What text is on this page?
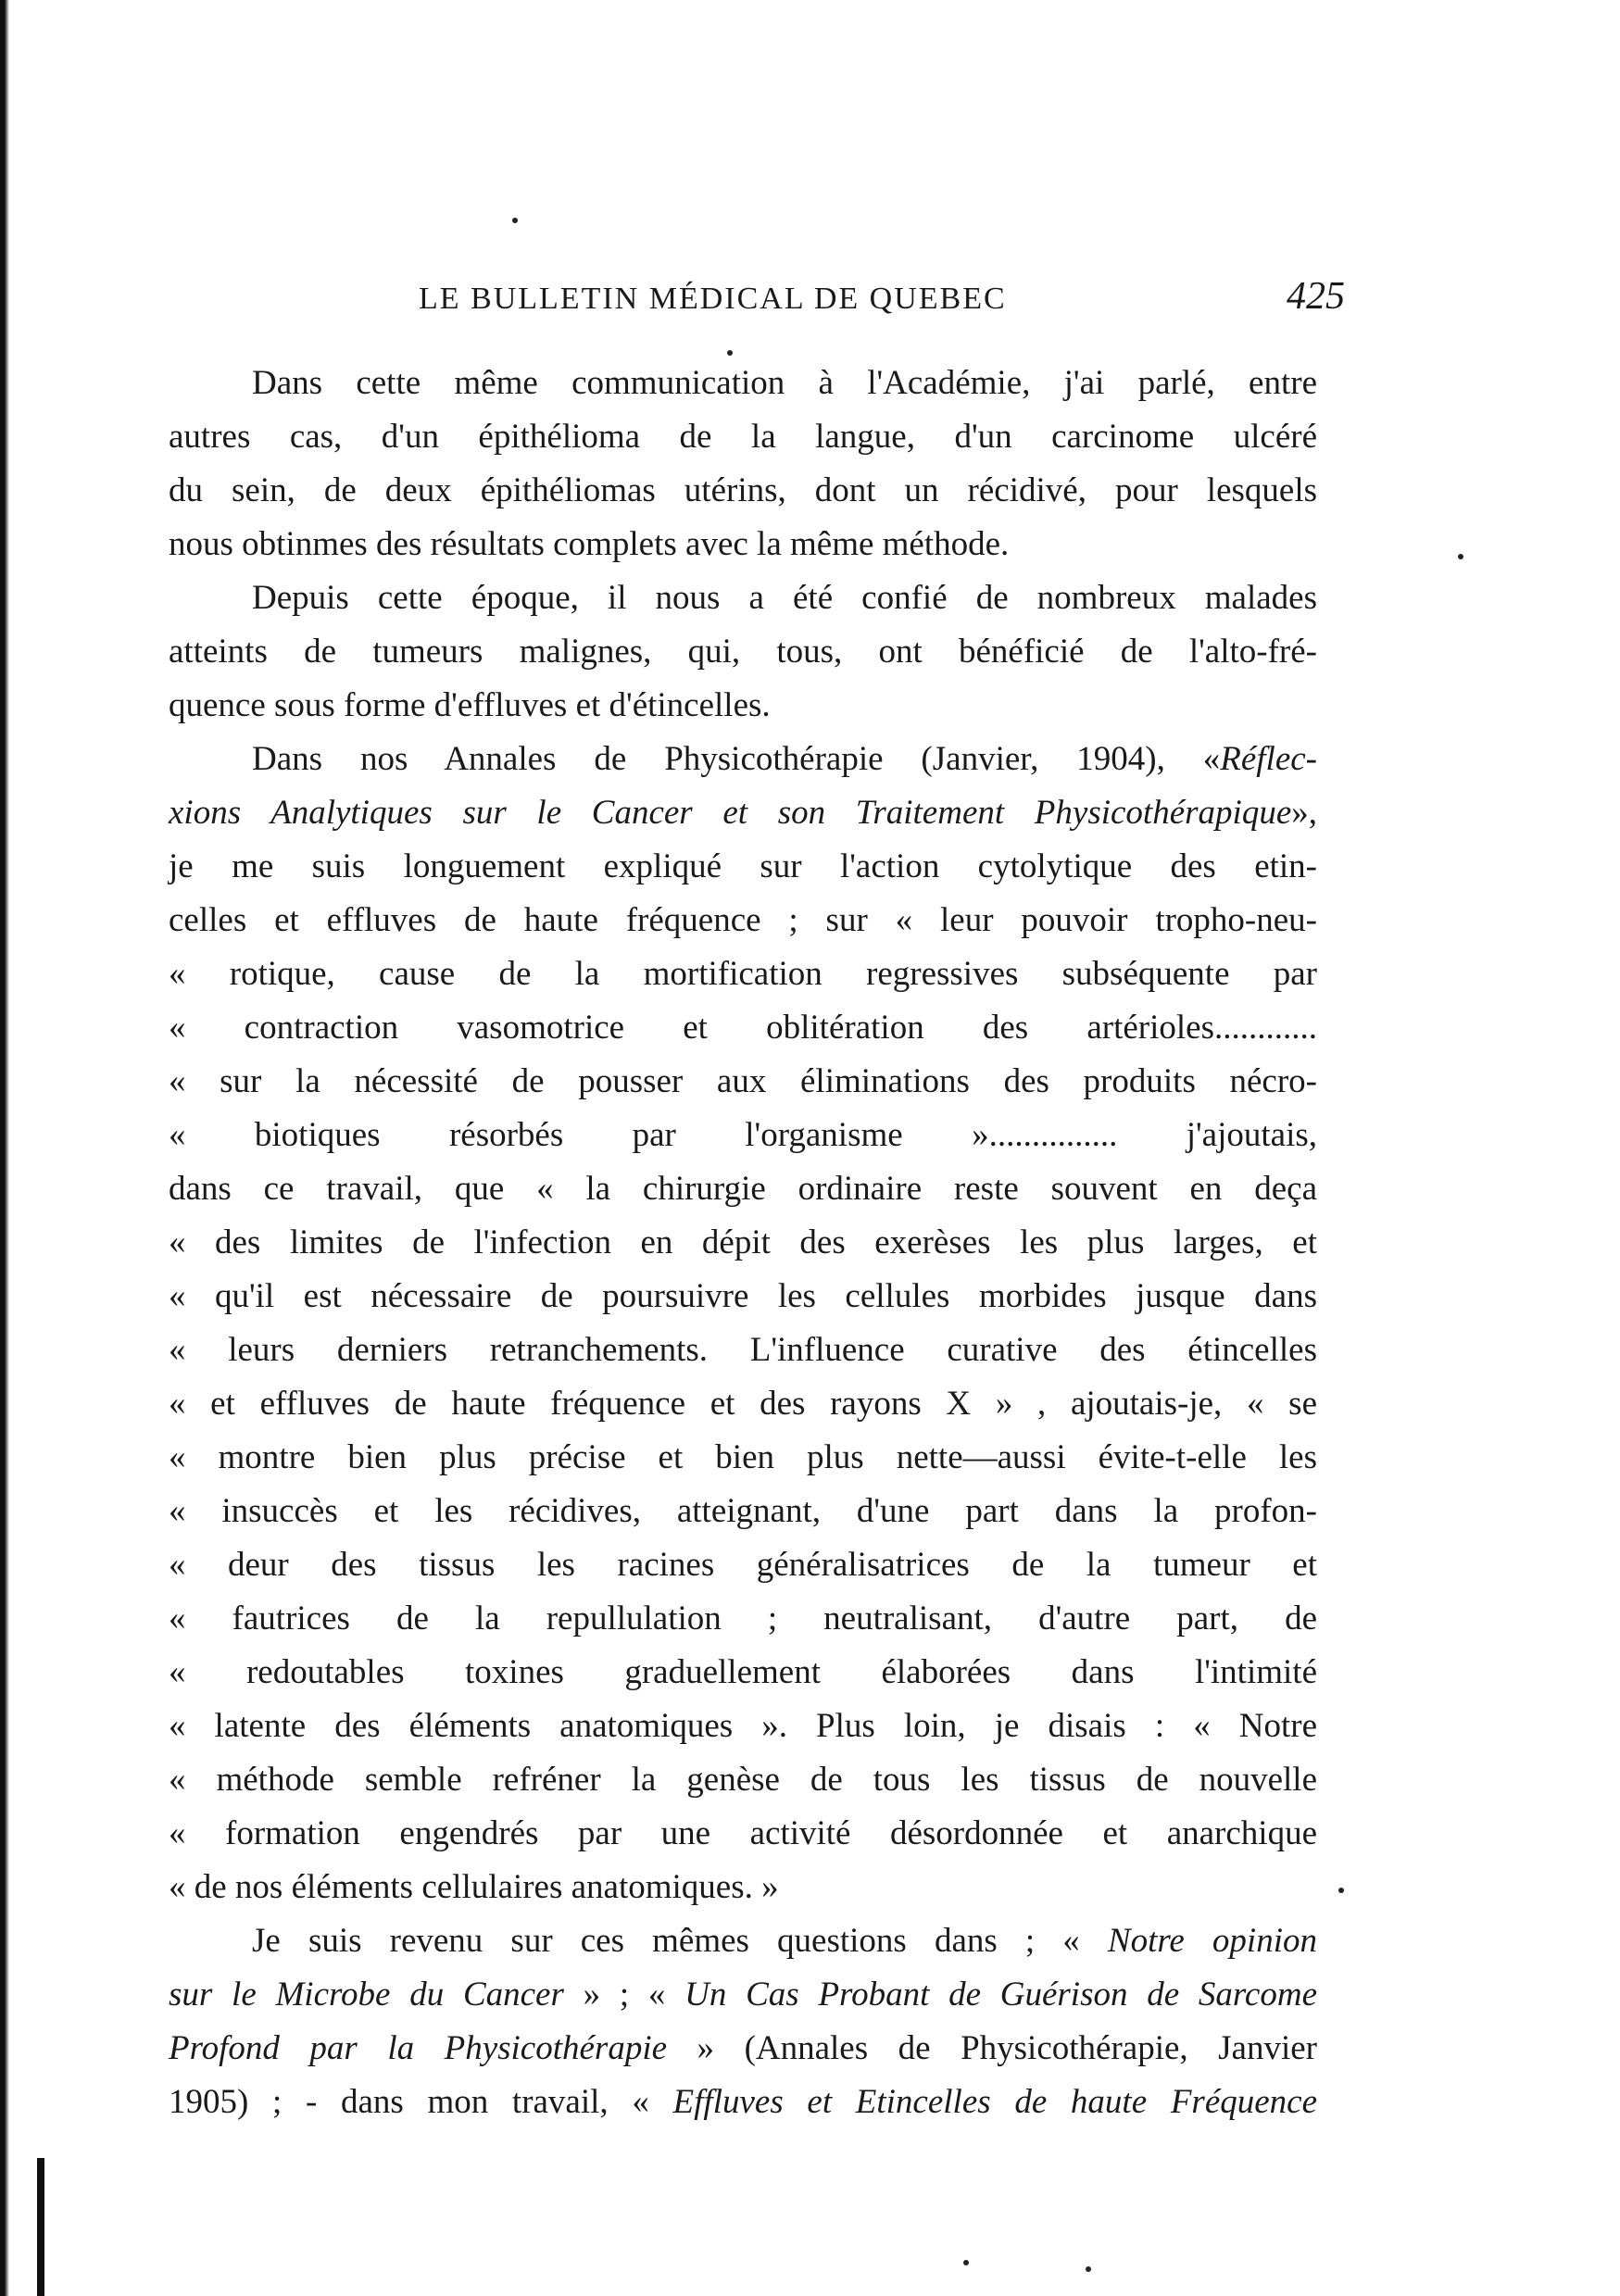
LE BULLETIN MÉDICAL DE QUEBEC	425
Dans cette même communication à l'Académie, j'ai parlé, entre
autres cas, d'un épithélioma de la langue, d'un carcinome ulcéré
du sein, de deux épithéliomas utérins, dont un récidivé, pour lesquels
nous obtinmes des résultats complets avec la même méthode.
Depuis cette époque, il nous a été confié de nombreux malades
atteints de tumeurs malignes, qui, tous, ont bénéficié de l'alto-fré-
quence sous forme d'effluves et d'étincelles.
Dans nos Annales de Physicothérapie (Janvier, 1904), «Réflec-
xions Analytiques sur le Cancer et son Traitement Physicothérapique»,
je me suis longuement expliqué sur l'action cytolytique des etin-
celles et effluves de haute fréquence ; sur « leur pouvoir tropho-neu-
« rotique, cause de la mortification regressives subséquente par
« contraction vasomotrice et oblitération des artérioles............
« sur la nécessité de pousser aux éliminations des produits nécro-
« biotiques résorbés par l'organisme »............... j'ajoutais,
dans ce travail, que « la chirurgie ordinaire reste souvent en deça
« des limites de l'infection en dépit des exerèses les plus larges, et
« qu'il est nécessaire de poursuivre les cellules morbides jusque dans
« leurs derniers retranchements. L'influence curative des étincelles
« et effluves de haute fréquence et des rayons X » , ajoutais-je, « se
« montre bien plus précise et bien plus nette—aussi évite-t-elle les
« insuccès et les récidives, atteignant, d'une part dans la profon-
« deur des tissus les racines généralisatrices de la tumeur et
« fautrices de la repullulation ; neutralisant, d'autre part, de
« redoutables toxines graduellement élaborées dans l'intimité
« latente des éléments anatomiques ». Plus loin, je disais : « Notre
« méthode semble refréner la genèse de tous les tissus de nouvelle
« formation engendrés par une activité désordonnée et anarchique
« de nos éléments cellulaires anatomiques. »
Je suis revenu sur ces mêmes questions dans ; « Notre opinion
sur le Microbe du Cancer » ; « Un Cas Probant de Guérison de Sarcome
Profond par la Physicothérapie » (Annales de Physicothérapie, Janvier
1905) ; - dans mon travail, « Effluves et Etincelles de haute Fréquence
